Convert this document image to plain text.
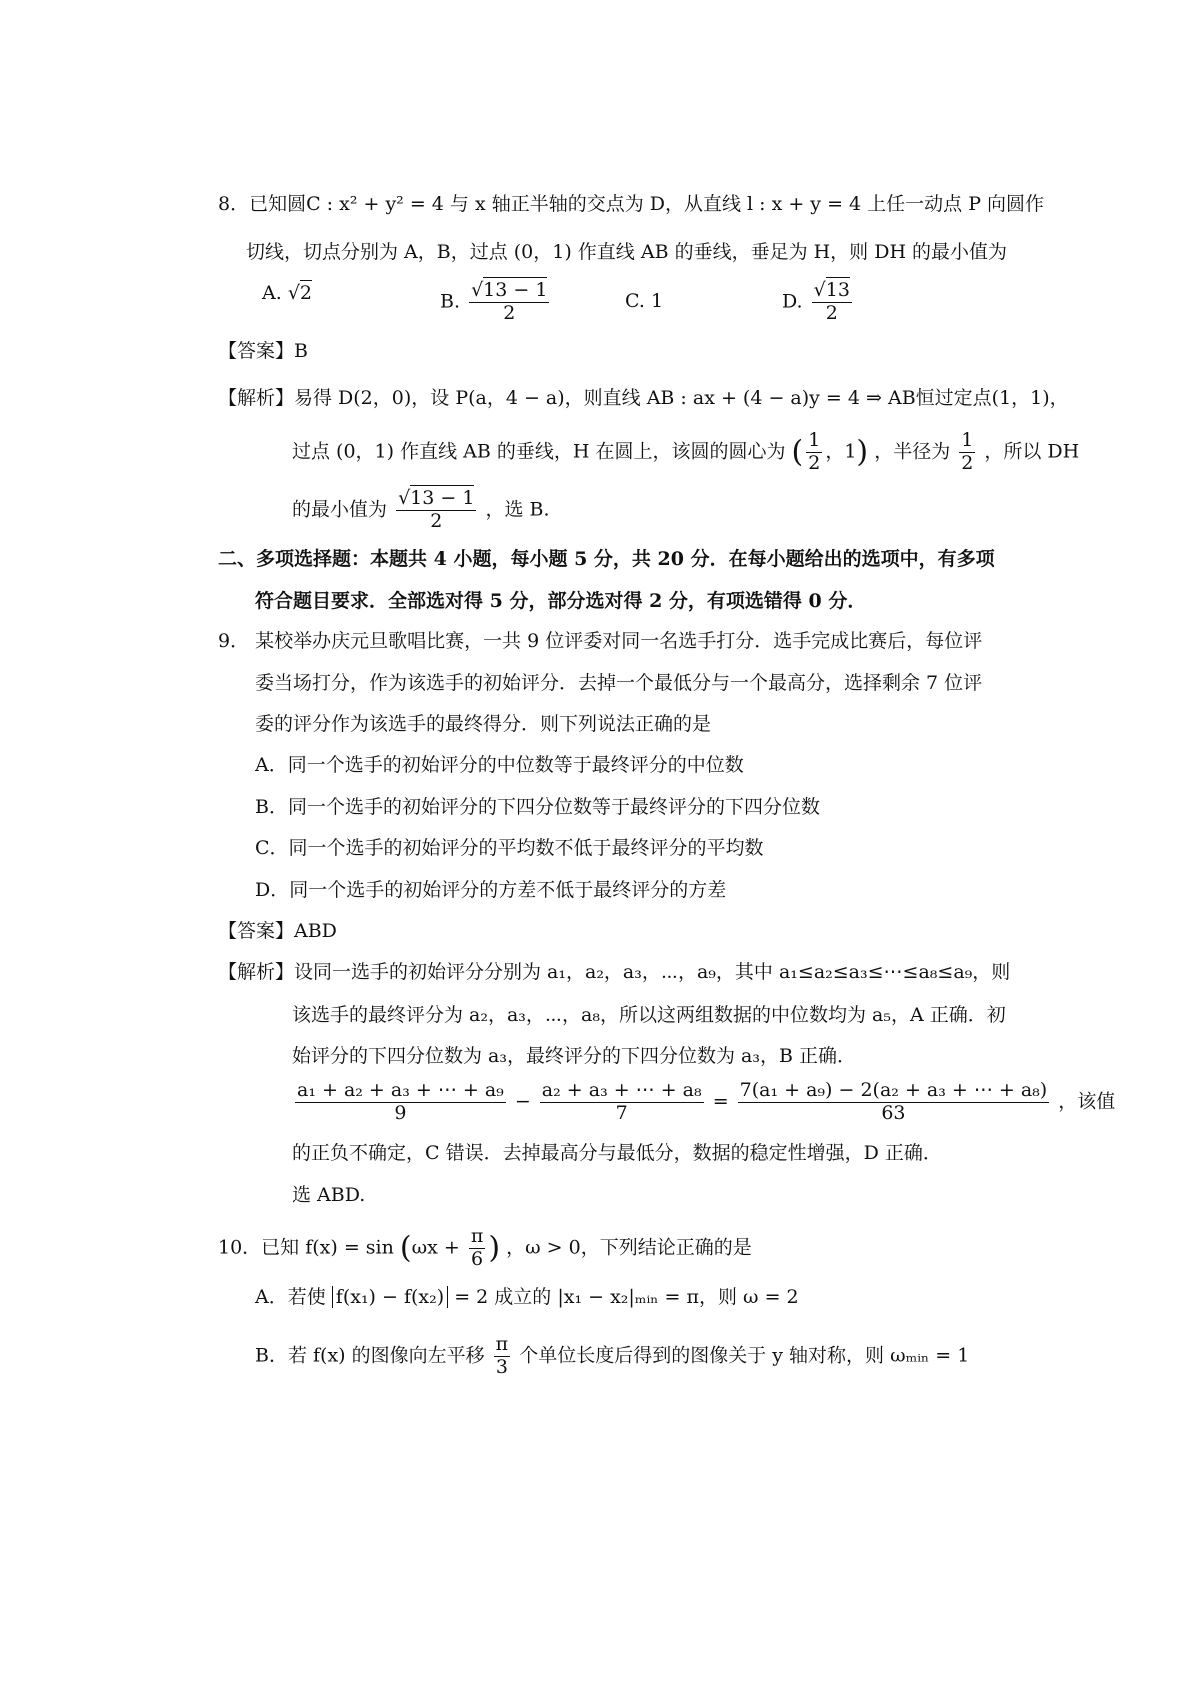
8．已知圆C : x² + y² = 4 与 x 轴正半轴的交点为 D，从直线 l : x + y = 4 上任一动点 P 向圆作
切线，切点分别为 A，B，过点 (0，1) 作直线 AB 的垂线，垂足为 H，则 DH 的最小值为
A. √ 2	B. √ $\frac{13 - 1}{2}$	C. 1	D. √ $\frac{13}{2}$
【答案】B
【解析】易得 D(2，0)，设 P(a，4 − a)，则直线 AB : ax + (4 − a)y = 4 ⇒ AB恒过定点(1，1)，
过点 (0，1) 作直线 AB 的垂线，H 在圆上，该圆的圆心为 ( $\frac{1}{2}$ ，1) ，半径为 $\frac{1}{2}$ ，所以 DH
的最小值为 √ $\frac{13 - 1}{2}$ ，选 B.
二、多项选择题：本题共 4 小题，每小题 5 分，共 20 分．在每小题给出的选项中，有多项
符合题目要求．全部选对得 5 分，部分选对得 2 分，有项选错得 0 分．
9． 某校举办庆元旦歌唱比赛，一共 9 位评委对同一名选手打分．选手完成比赛后，每位评
委当场打分，作为该选手的初始评分．去掉一个最低分与一个最高分，选择剩余 7 位评
委的评分作为该选手的最终得分．则下列说法正确的是
A．同一个选手的初始评分的中位数等于最终评分的中位数
B．同一个选手的初始评分的下四分位数等于最终评分的下四分位数
C．同一个选手的初始评分的平均数不低于最终评分的平均数
D．同一个选手的初始评分的方差不低于最终评分的方差
【答案】ABD
【解析】设同一选手的初始评分分别为 a₁，a₂，a₃，⋯，a₉，其中 a₁≤a₂≤a₃≤⋯≤a₈≤a₉，则
该选手的最终评分为 a₂，a₃，⋯，a₈，所以这两组数据的中位数均为 a₅，A 正确．初
始评分的下四分位数为 a₃，最终评分的下四分位数为 a₃，B 正确．
$\frac{\text{a₁ + a₂ + a₃ + ⋯ + a₉}}{9} - \frac{\text{a₂ + a₃ + ⋯ + a₈}}{7} = \frac{\text{7(a₁ + a₉) − 2(a₂ + a₃ + ⋯ + a₈)}}{63}$ ，该值
的正负不确定，C 错误．去掉最高分与最低分，数据的稳定性增强，D 正确．
选 ABD.
10．已知 $f(x) = \sin (\omega x + \frac{\pi}{6}$ ) ，ω > 0，下列结论正确的是
A．若使 f(x₁) − f(x₂) = 2 成立的 |x₁ − x₂|ₘᵢₙ = π，则 ω = 2
B．若 f(x) 的图像向左平移 $\frac{\pi}{3}$ 个单位长度后得到的图像关于 y 轴对称，则 ωₘᵢₙ = 1
